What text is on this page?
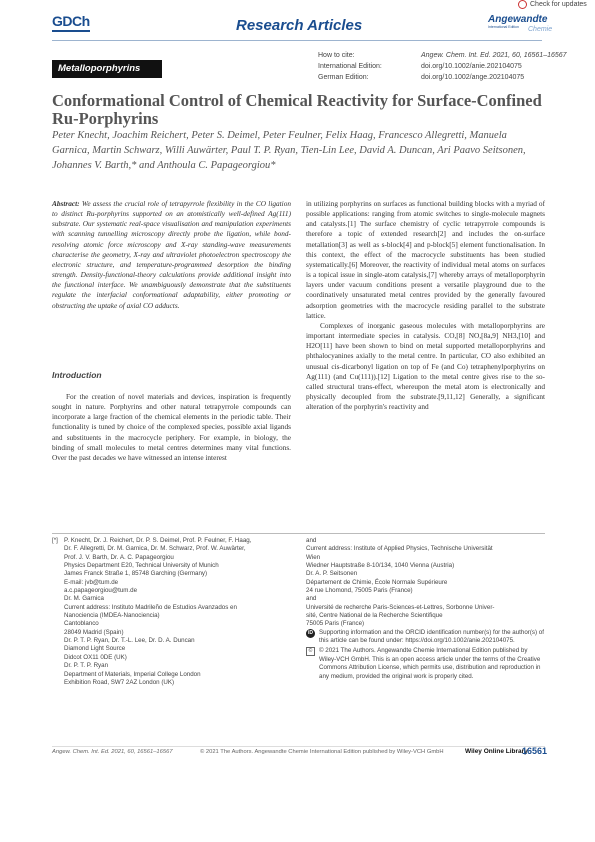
GDCh	Research Articles
Check for updates
Angewandte
International Edition	Chemie
Metalloporphyrins
How to cite:	Angew. Chem. Int. Ed. 2021, 60, 16561–16567
International Edition:	doi.org/10.1002/anie.202104075
German Edition:	doi.org/10.1002/ange.202104075
Conformational Control of Chemical Reactivity for Surface-Confined Ru-Porphyrins
Peter Knecht, Joachim Reichert, Peter S. Deimel, Peter Feulner, Felix Haag, Francesco Allegretti, Manuela Garnica, Martin Schwarz, Willi Auwärter, Paul T. P. Ryan, Tien-Lin Lee, David A. Duncan, Ari Paavo Seitsonen, Johannes V. Barth,* and Anthoula C. Papageorgiou*
Abstract: We assess the crucial role of tetrapyrrole flexibility in the CO ligation to distinct Ru-porphyrins supported on an atomistically well-defined Ag(111) substrate. Our systematic real-space visualisation and manipulation experiments with scanning tunnelling microscopy directly probe the ligation, while bond-resolving atomic force microscopy and X-ray standing-wave measurements characterise the geometry, X-ray and ultraviolet photoelectron spectroscopy the electronic structure, and temperature-programmed desorption the binding strength. Density-functional-theory calculations provide additional insight into the functional interface. We unambiguously demonstrate that the substituents regulate the interfacial conformational adaptability, either promoting or obstructing the uptake of axial CO adducts.
Introduction

For the creation of novel materials and devices, inspiration is frequently sought in nature. Porphyrins and other natural tetrapyrrole compounds can incorporate a large fraction of the chemical elements in the periodic table. Their functionality is tuned by choice of the complexed species, possible axial ligands and substituents in the macrocycle periphery. For example, in biology, the binding of small molecules to metal centres determines many vital functions. Over the past decades we have witnessed an intense interest

in utilizing porphyrins on surfaces as functional building blocks with a myriad of possible applications: ranging from atomic switches to single-molecule magnets and catalysts.[1] The surface chemistry of cyclic tetrapyrrole compounds is therefore a topic of extended research[2] and includes the on-surface metallation[3] as well as s-block[4] and p-block[5] element functionalisation. In this context, the effect of the macrocycle substituents has been studied systematically.[6] Moreover, the reactivity of individual metal atoms on surfaces is a topical issue in single-atom catalysis,[7] whereby arrays of metalloporphyrin layers under vacuum conditions present a versatile playground due to the coordinatively unsaturated metal centres provided by the generally favoured adsorption geometries with the macrocycle residing parallel to the substrate lattice.

Complexes of inorganic gaseous molecules with metalloporphyrins are important intermediate species in catalysis. CO,[8] NO,[8a,9] NH3,[10] and H2O[11] have been shown to bind on metal supported metalloporphyrins and phthalocyanines axially to the metal centre. In particular, CO also exhibited an unusual cis-dicarbonyl ligation on top of Fe (and Co) tetraphenylporphyrins on Ag(111) (and Cu(111)).[12] Ligation to the metal centre gives rise to the so-called structural trans-effect, whereupon the metal atom is electronically and physically decoupled from the substrate.[9,11,12] Generally, a significant alteration of the porphyrin's reactivity and

[*] P. Knecht, Dr. J. Reichert, Dr. P. S. Deimel, Prof. P. Feulner, F. Haag,
Dr. F. Allegretti, Dr. M. Garnica, Dr. M. Schwarz, Prof. W. Auwärter,
Prof. J. V. Barth, Dr. A. C. Papageorgiou
Physics Department E20, Technical University of Munich
James Franck Straße 1, 85748 Garching (Germany)
E-mail: jvb@tum.de
a.c.papageorgiou@tum.de
Dr. M. Garnica
Current address: Instituto Madrileño de Estudios Avanzados en
Nanociencia (IMDEA-Nanociencia)
Cantoblanco
28049 Madrid (Spain)
Dr. P. T. P. Ryan, Dr. T.-L. Lee, Dr. D. A. Duncan
Diamond Light Source
Didcot OX11 0DE (UK)
Dr. P. T. P. Ryan
Department of Materials, Imperial College London
Exhibition Road, SW7 2AZ London (UK)
and
Current address: Institute of Applied Physics, Technische Universität
Wien
Wiedner Hauptstraße 8-10/134, 1040 Vienna (Austria)
Dr. A. P. Seitsonen
Département de Chimie, École Normale Supérieure
24 rue Lhomond, 75005 Paris (France)
and
Université de recherche Paris-Sciences-et-Lettres, Sorbonne Univer-
sité, Centre National de la Recherche Scientifique
75005 Paris (France)
iD Supporting information and the ORCID identification number(s) for the author(s) of this article can be found under: https://doi.org/10.1002/anie.202104075.
©	© 2021 The Authors. Angewandte Chemie International Edition published by Wiley-VCH GmbH. This is an open access article under the terms of the Creative Commons Attribution License, which permits use, distribution and reproduction in any medium, provided the original work is properly cited.
Angew. Chem. Int. Ed. 2021, 60, 16561–16567	© 2021 The Authors. Angewandte Chemie International Edition published by Wiley-VCH GmbH	Wiley Online Library
16561
